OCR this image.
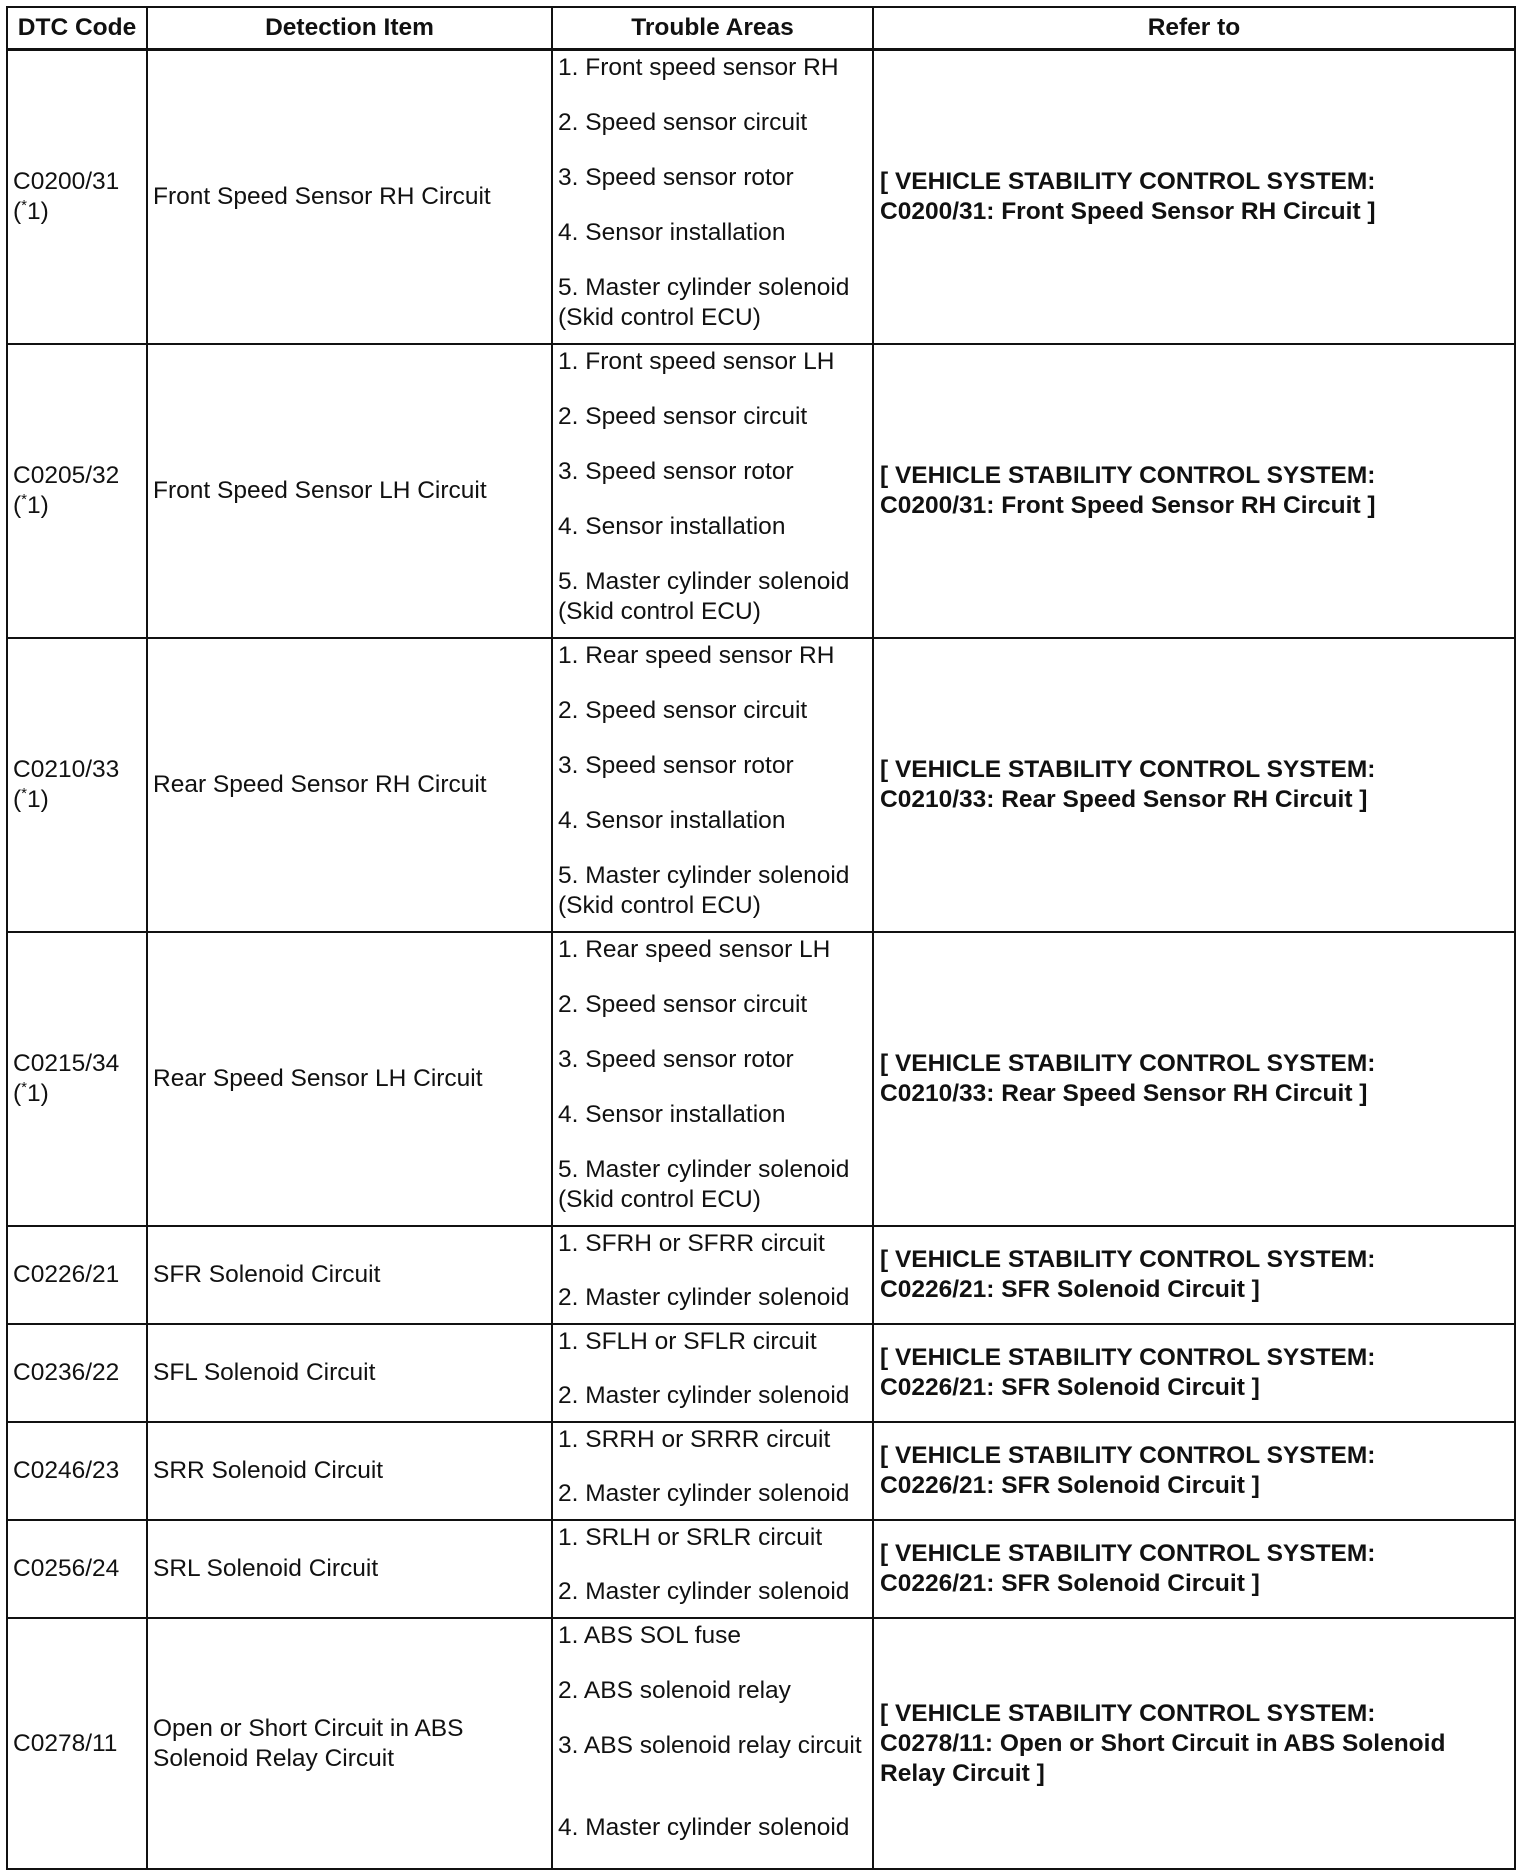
DTC Code	Detection Item	Trouble Areas	Refer to
C0200/31
(*1)	Front Speed Sensor RH Circuit	1. Front speed sensor RH
2. Speed sensor circuit
3. Speed sensor rotor
4. Sensor installation
5. Master cylinder solenoid (Skid control ECU)	[ VEHICLE STABILITY CONTROL SYSTEM:
C0200/31: Front Speed Sensor RH Circuit ]

C0205/32
(*1)	Front Speed Sensor LH Circuit	1. Front speed sensor LH
2. Speed sensor circuit
3. Speed sensor rotor
4. Sensor installation
5. Master cylinder solenoid (Skid control ECU)	[ VEHICLE STABILITY CONTROL SYSTEM:
C0200/31: Front Speed Sensor RH Circuit ]

C0210/33
(*1)	Rear Speed Sensor RH Circuit	1. Rear speed sensor RH
2. Speed sensor circuit
3. Speed sensor rotor
4. Sensor installation
5. Master cylinder solenoid (Skid control ECU)	[ VEHICLE STABILITY CONTROL SYSTEM:
C0210/33: Rear Speed Sensor RH Circuit ]

C0215/34
(*1)	Rear Speed Sensor LH Circuit	1. Rear speed sensor LH
2. Speed sensor circuit
3. Speed sensor rotor
4. Sensor installation
5. Master cylinder solenoid (Skid control ECU)	[ VEHICLE STABILITY CONTROL SYSTEM:
C0210/33: Rear Speed Sensor RH Circuit ]

C0226/21	SFR Solenoid Circuit	1. SFRH or SFRR circuit
2. Master cylinder solenoid	[ VEHICLE STABILITY CONTROL SYSTEM:
C0226/21: SFR Solenoid Circuit ]

C0236/22	SFL Solenoid Circuit	1. SFLH or SFLR circuit
2. Master cylinder solenoid	[ VEHICLE STABILITY CONTROL SYSTEM:
C0226/21: SFR Solenoid Circuit ]

C0246/23	SRR Solenoid Circuit	1. SRRH or SRRR circuit
2. Master cylinder solenoid	[ VEHICLE STABILITY CONTROL SYSTEM:
C0226/21: SFR Solenoid Circuit ]

C0256/24	SRL Solenoid Circuit	1. SRLH or SRLR circuit
2. Master cylinder solenoid	[ VEHICLE STABILITY CONTROL SYSTEM:
C0226/21: SFR Solenoid Circuit ]

C0278/11	Open or Short Circuit in ABS Solenoid Relay Circuit	1. ABS SOL fuse
2. ABS solenoid relay
3. ABS solenoid relay circuit
4. Master cylinder solenoid	[ VEHICLE STABILITY CONTROL SYSTEM:
C0278/11: Open or Short Circuit in ABS Solenoid Relay Circuit ]
